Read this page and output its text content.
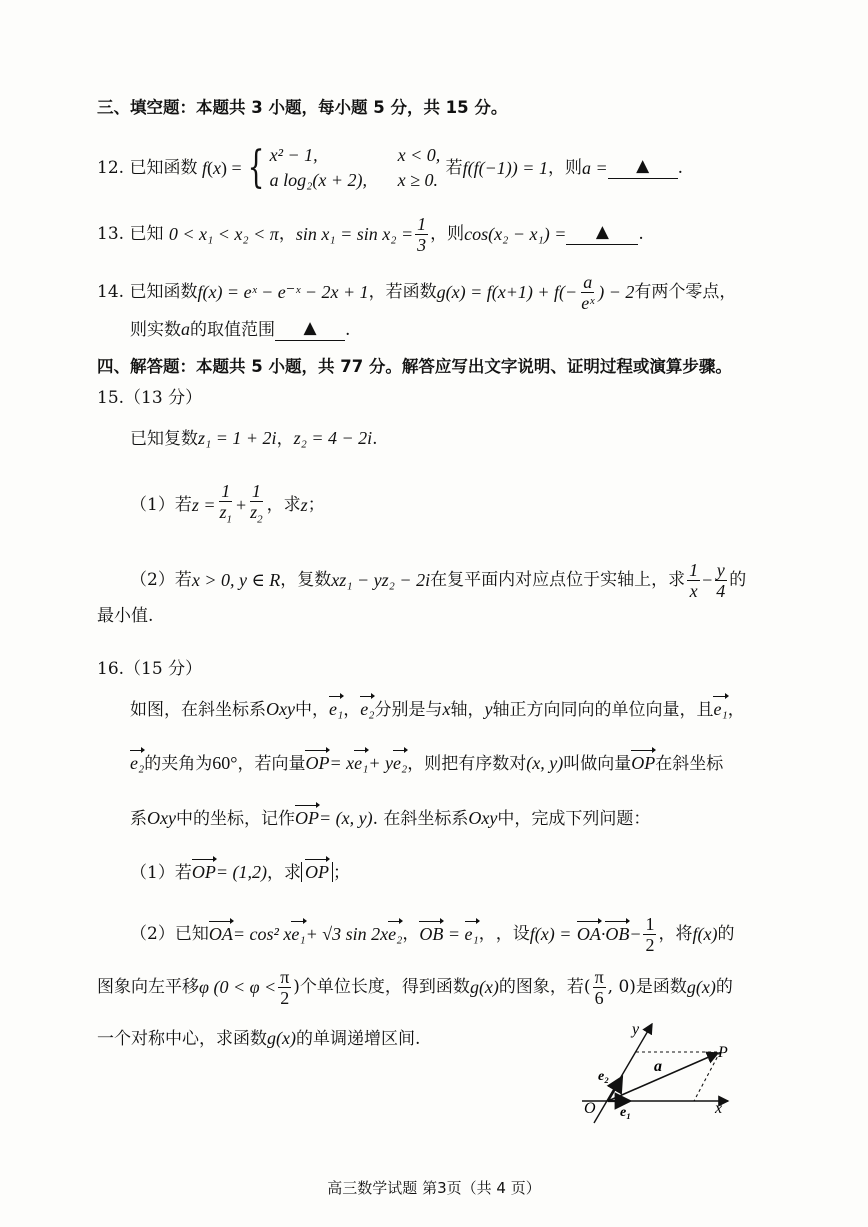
三、填空题：本题共 3 小题，每小题 5 分，共 15 分。
12.
已知函数 f ( x ) = { x² − 1,	x < 0,
a log₂(x + 2), x ≥ 0.

若 f(f(−1)) = 1 ，则 a =	▲	.
13.
已知
0 < x₁ < x₂ < π ， $\sin x_1 = \sin x_2 = \frac{1}{3}$ ，则 cos(x₂ − x₁) =	▲	.
14.
已知函数 f(x) = eˣ − e⁻ˣ − 2x + 1 ，若函数 $g(x) = f(x+1) + f(- \frac{a}{\text{eˣ}}$ ) − 2 有两个零点，
则实数a的取值范围 ▲ .
四、解答题：本题共 5 小题，共 77 分。解答应写出文字说明、证明过程或演算步骤。
15.（13 分）
已知复数z₁ = 1 + 2i，z₂ = 4 − 2i.
（1）若 $z = \frac{1}{z_1} + \frac{1}{z_2}$ ，求 z ；
（2）若 x > 0, y ∈ R ，复数 xz₁ − yz₂ − 2i 在复平面内对应点位于实轴上，求 $\frac{1}{x} - \frac{y}{4}$ 的
最小值.
16.（15 分）
如图，在斜坐标系Oxy中，e₁，e₂分别是与x轴，y轴正方向同向的单位向量，且e₁，
e₂的夹角为60°，若向量OP= xe₁+ ye₂，则把有序数对(x, y)叫做向量OP在斜坐标
系Oxy中的坐标，记作OP= (x, y). 在斜坐标系Oxy中，完成下列问题：
（1）若OP= (1,2)，求 OP ；
（2）已知 OA = cos² x e₁ + √3 sin 2x e₂ ， OB = e₁ ， ，设 f(x) =
OA · OB − $\frac{1}{2}$ ，将 f(x) 的
图象向左平移 φ ($0 < \varphi < \frac{\pi}{2}$ )个单位长度，得到函数 g(x) 的图象，若( $\frac{\pi}{6}$ , 0)是函数 g(x) 的
一个对称中心，求函数g(x)的单调递增区间.	y
x
O
P
a
e₁
e₂
高三数学试题 第3页（共 4 页）
